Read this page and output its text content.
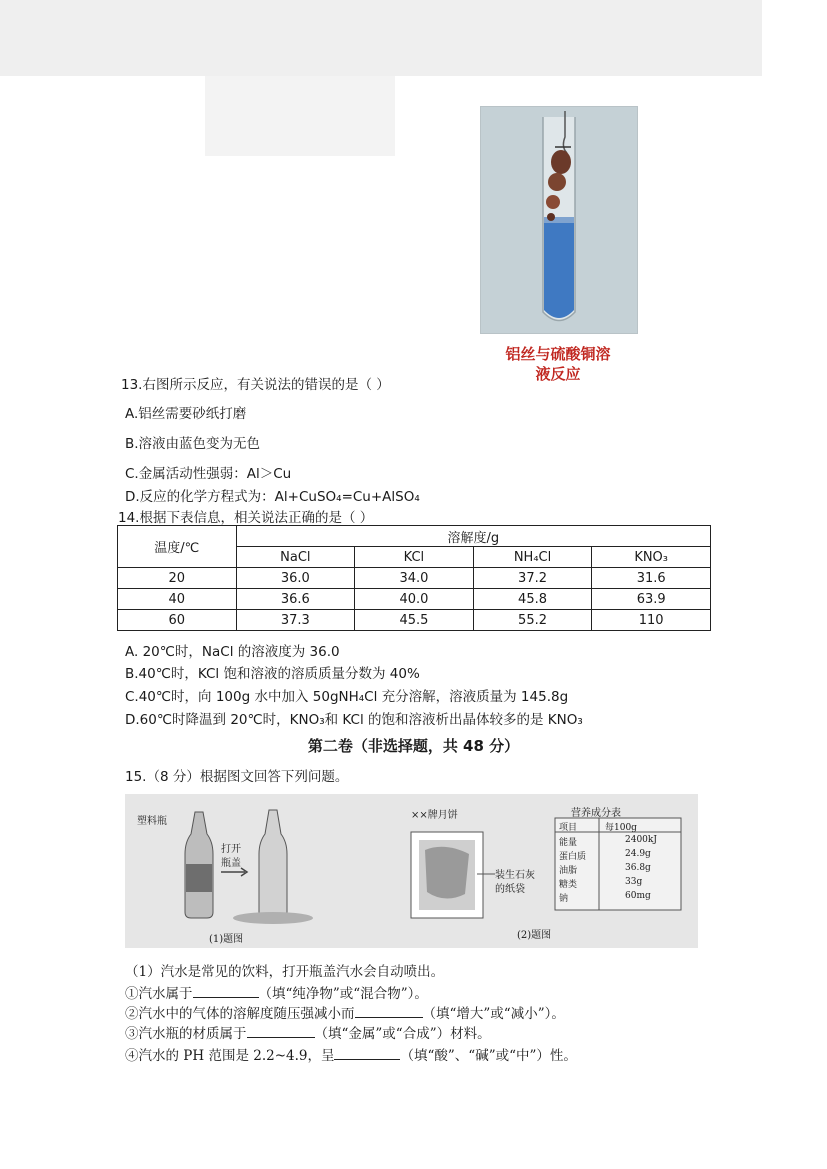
铝丝与硫酸铜溶
液反应
13.右图所示反应，有关说法的错误的是（ ）
A.铝丝需要砂纸打磨
B.溶液由蓝色变为无色
C.金属活动性强弱：Al＞Cu
D.反应的化学方程式为：Al+CuSO₄=Cu+AlSO₄
14.根据下表信息，相关说法正确的是（ ）
温度/℃	溶解度/g			
	NaCl	KCl	NH₄Cl	KNO₃
20	36.0	34.0	37.2	31.6
40	36.6	40.0	45.8	63.9
60	37.3	45.5	55.2	110
A. 20℃时，NaCl 的溶液度为 36.0
B.40℃时，KCl 饱和溶液的溶质质量分数为 40%
C.40℃时，向 100g 水中加入 50gNH₄Cl 充分溶解，溶液质量为 145.8g
D.60℃时降温到 20℃时，KNO₃和 KCl 的饱和溶液析出晶体较多的是 KNO₃
第二卷（非选择题，共 48 分）
15.（8 分）根据图文回答下列问题。
塑料瓶
打开
瓶盖
(1)题图
××牌月饼
装生石灰
的纸袋
(2)题图
营养成分表
项目	每100g
能量	2400kJ
蛋白质	24.9g
油脂	36.8g
糖类	33g
钠	60mg
（1）汽水是常见的饮料，打开瓶盖汽水会自动喷出。
①汽水属于	（填“纯净物”或“混合物”）。
②汽水中的气体的溶解度随压强减小而	（填“增大”或“减小”）。
③汽水瓶的材质属于	（填“金属”或“合成”）材料。
④汽水的 PH 范围是 2.2~4.9，呈	（填“酸”、“碱”或“中”）性。
